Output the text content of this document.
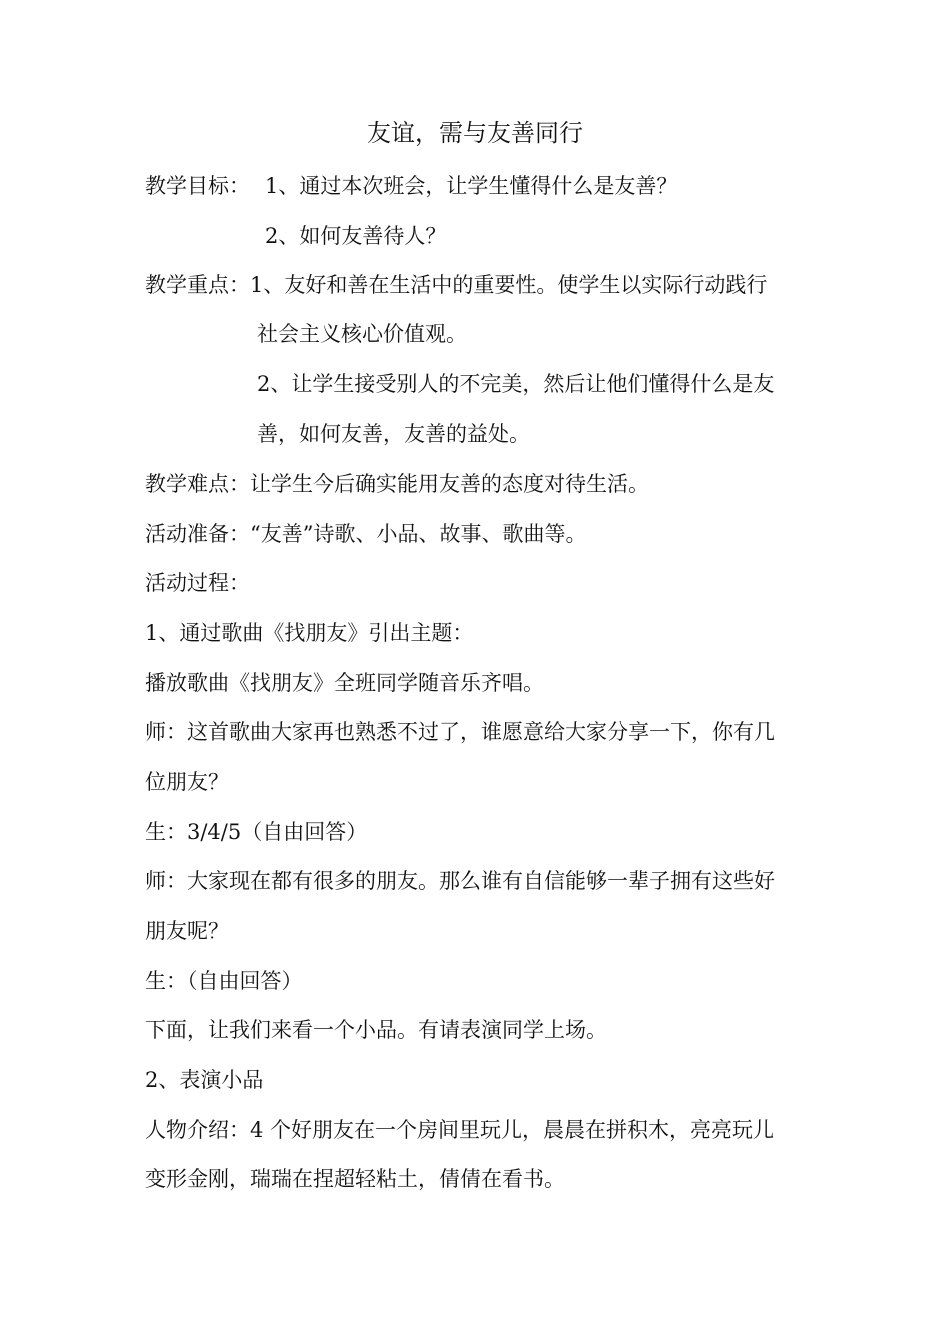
友谊，需与友善同行
教学目标： 1、通过本次班会，让学生懂得什么是友善？
2、如何友善待人？
教学重点：1、友好和善在生活中的重要性。使学生以实际行动践行
社会主义核心价值观。
2、让学生接受别人的不完美，然后让他们懂得什么是友
善，如何友善，友善的益处。
教学难点：让学生今后确实能用友善的态度对待生活。
活动准备：“友善”诗歌、小品、故事、歌曲等。
活动过程：
1、通过歌曲《找朋友》引出主题：
播放歌曲《找朋友》全班同学随音乐齐唱。
师：这首歌曲大家再也熟悉不过了，谁愿意给大家分享一下，你有几
位朋友？
生：3/4/5（自由回答）
师：大家现在都有很多的朋友。那么谁有自信能够一辈子拥有这些好
朋友呢？
生：（自由回答）
下面，让我们来看一个小品。有请表演同学上场。
2、表演小品
人物介绍：4 个好朋友在一个房间里玩儿，晨晨在拼积木，亮亮玩儿
变形金刚，瑞瑞在捏超轻粘土，倩倩在看书。
